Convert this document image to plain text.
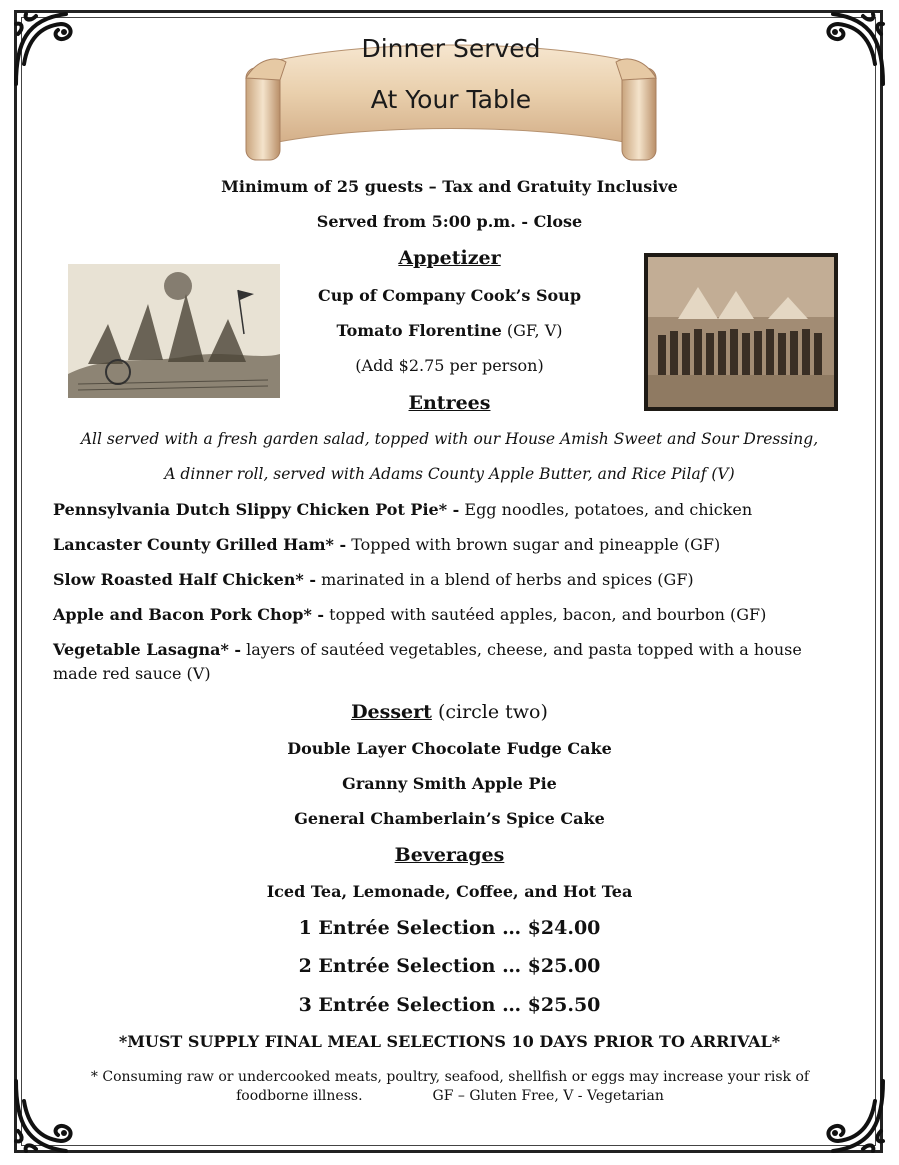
Dinner Served
At Your Table

Minimum of 25 guests – Tax and Gratuity Inclusive

Served from 5:00 p.m. - Close

Appetizer

Cup of Company Cook’s Soup

Tomato Florentine (GF, V)

(Add $2.75 per person)

Entrees

All served with a fresh garden salad, topped with our House Amish Sweet and Sour Dressing,

A dinner roll, served with Adams County Apple Butter, and Rice Pilaf (V)

Pennsylvania Dutch Slippy Chicken Pot Pie* - Egg noodles, potatoes, and chicken

Lancaster County Grilled Ham* - Topped with brown sugar and pineapple (GF)

Slow Roasted Half Chicken* - marinated in a blend of herbs and spices (GF)

Apple and Bacon Pork Chop* - topped with sautéed apples, bacon, and bourbon (GF)

Vegetable Lasagna* - layers of sautéed vegetables, cheese, and pasta topped with a house made red sauce (V)

Dessert (circle two)

Double Layer Chocolate Fudge Cake

Granny Smith Apple Pie

General Chamberlain’s Spice Cake

Beverages

Iced Tea, Lemonade, Coffee, and Hot Tea

1 Entrée Selection … $24.00

2 Entrée Selection … $25.00

3 Entrée Selection … $25.50

*MUST SUPPLY FINAL MEAL SELECTIONS 10 DAYS PRIOR TO ARRIVAL*

* Consuming raw or undercooked meats, poultry, seafood, shellfish or eggs may increase your risk of
foodborne illness.	GF – Gluten Free, V - Vegetarian
